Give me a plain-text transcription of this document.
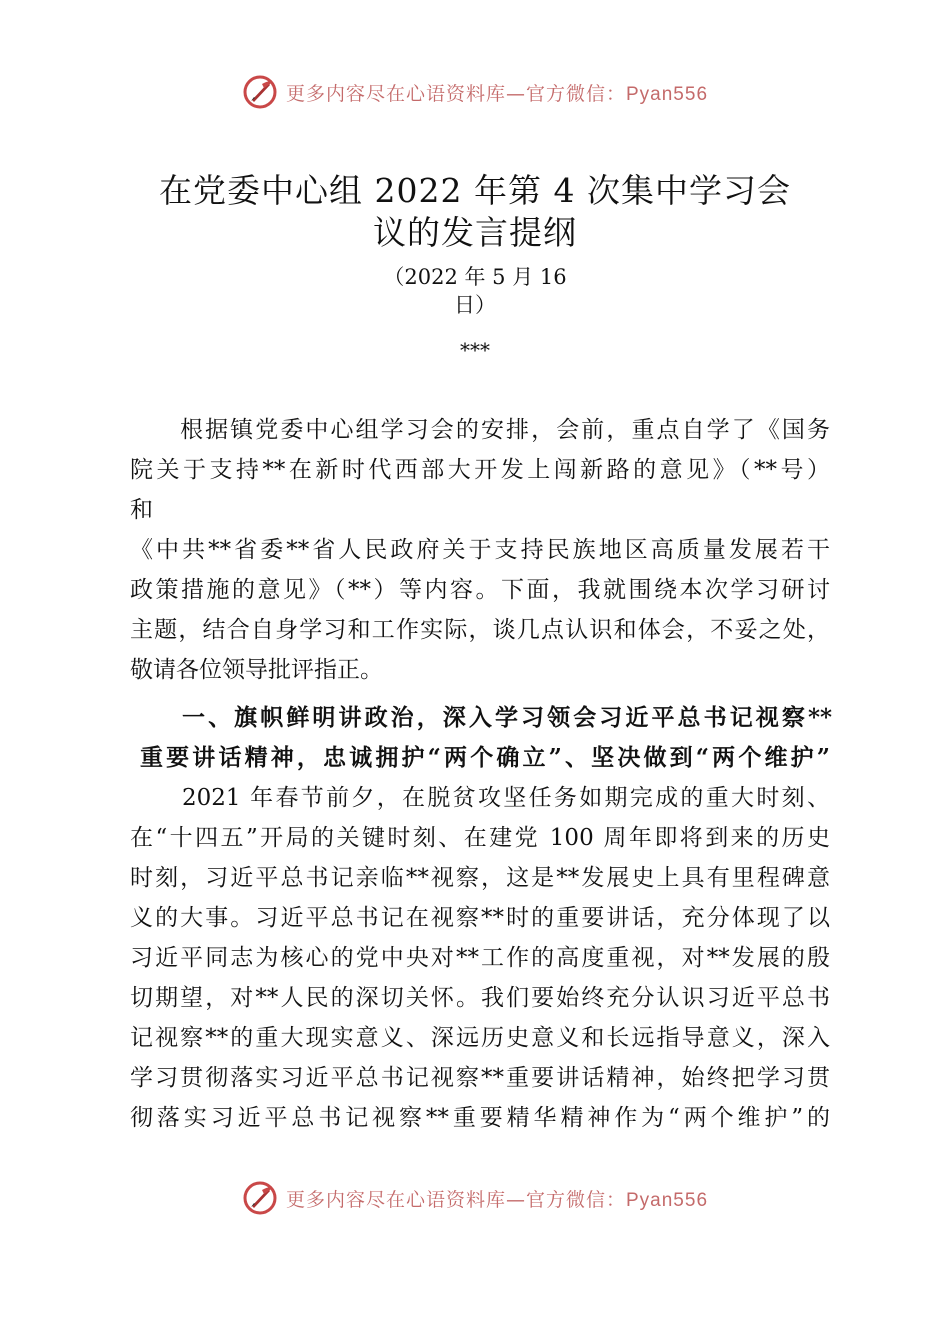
更多内容尽在心语资料库—官方微信：Pyan556
在党委中心组 2022 年第 4 次集中学习会
议的发言提纲
（2022 年 5 月 16
日）
***
根据镇党委中心组学习会的安排，会前，重点自学了《国务
院关于支持**在新时代西部大开发上闯新路的意见》（**号）
和
《中共**省委**省人民政府关于支持民族地区高质量发展若干
政策措施的意见》（**）等内容。下面，我就围绕本次学习研讨
主题，结合自身学习和工作实际，谈几点认识和体会，不妥之处，
敬请各位领导批评指正。
一、旗帜鲜明讲政治，深入学习领会习近平总书记视察**
重要讲话精神，忠诚拥护“两个确立”、坚决做到“两个维护”
2021 年春节前夕，在脱贫攻坚任务如期完成的重大时刻、
在“十四五”开局的关键时刻、在建党 100 周年即将到来的历史
时刻，习近平总书记亲临**视察，这是**发展史上具有里程碑意
义的大事。习近平总书记在视察**时的重要讲话，充分体现了以
习近平同志为核心的党中央对**工作的高度重视，对**发展的殷
切期望，对**人民的深切关怀。我们要始终充分认识习近平总书
记视察**的重大现实意义、深远历史意义和长远指导意义，深入
学习贯彻落实习近平总书记视察**重要讲话精神，始终把学习贯
彻落实习近平总书记视察**重要精华精神作为“两个维护”的
更多内容尽在心语资料库—官方微信：Pyan556
